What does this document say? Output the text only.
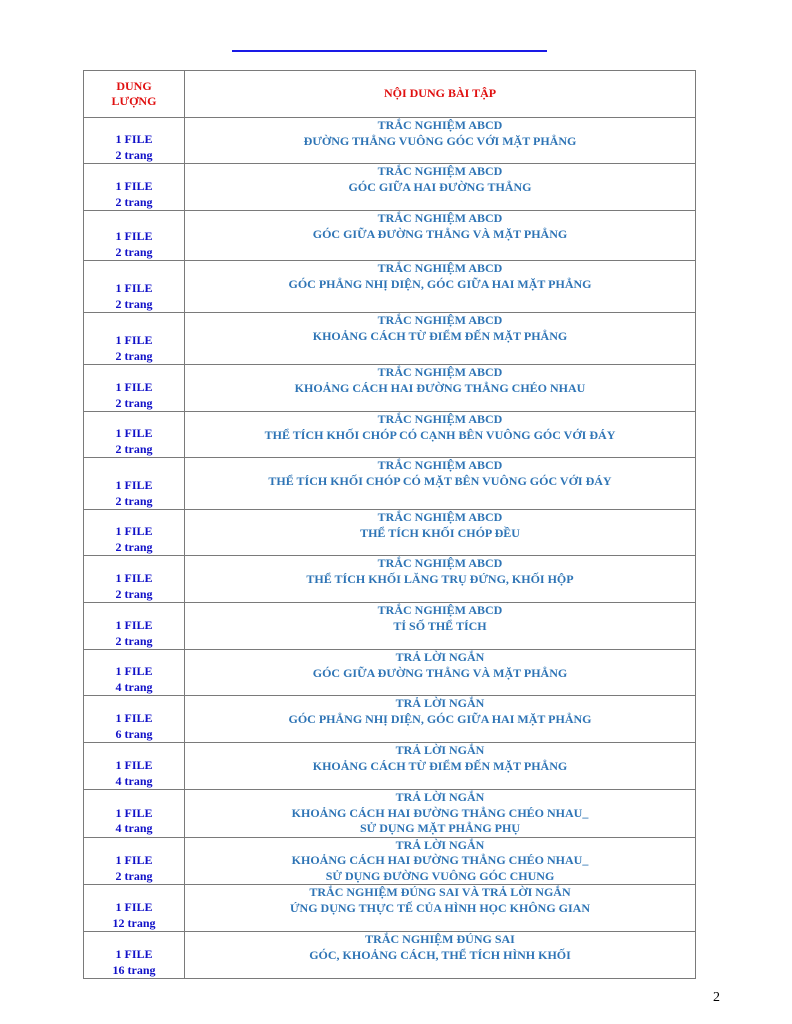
DUNG
LƯỢNG	NỘI DUNG BÀI TẬP

1 FILE
2 trang	TRẮC NGHIỆM ABCD
ĐƯỜNG THẲNG VUÔNG GÓC VỚI MẶT PHẲNG

1 FILE
2 trang	TRẮC NGHIỆM ABCD
GÓC GIỮA HAI ĐƯỜNG THẲNG

1 FILE
2 trang	TRẮC NGHIỆM ABCD
GÓC GIỮA ĐƯỜNG THẲNG VÀ MẶT PHẲNG

1 FILE
2 trang	TRẮC NGHIỆM ABCD
GÓC PHẲNG NHỊ DIỆN, GÓC GIỮA HAI MẶT PHẲNG

1 FILE
2 trang	TRẮC NGHIỆM ABCD
KHOẢNG CÁCH TỪ ĐIỂM ĐẾN MẶT PHẲNG

1 FILE
2 trang	TRẮC NGHIỆM ABCD
KHOẢNG CÁCH HAI ĐƯỜNG THẲNG CHÉO NHAU

1 FILE
2 trang	TRẮC NGHIỆM ABCD
THỂ TÍCH KHỐI CHÓP CÓ CẠNH BÊN VUÔNG GÓC VỚI ĐÁY

1 FILE
2 trang	TRẮC NGHIỆM ABCD
THỂ TÍCH KHỐI CHÓP CÓ MẶT BÊN VUÔNG GÓC VỚI ĐÁY

1 FILE
2 trang	TRẮC NGHIỆM ABCD
THỂ TÍCH KHỐI CHÓP ĐỀU

1 FILE
2 trang	TRẮC NGHIỆM ABCD
THỂ TÍCH KHỐI LĂNG TRỤ ĐỨNG, KHỐI HỘP

1 FILE
2 trang	TRẮC NGHIỆM ABCD
TỈ SỐ THỂ TÍCH

1 FILE
4 trang	TRẢ LỜI NGẮN
GÓC GIỮA ĐƯỜNG THẲNG VÀ MẶT PHẲNG

1 FILE
6 trang	TRẢ LỜI NGẮN
GÓC PHẲNG NHỊ DIỆN, GÓC GIỮA HAI MẶT PHẲNG

1 FILE
4 trang	TRẢ LỜI NGẮN
KHOẢNG CÁCH TỪ ĐIỂM ĐẾN MẶT PHẲNG

1 FILE
4 trang	TRẢ LỜI NGẮN
KHOẢNG CÁCH HAI ĐƯỜNG THẲNG CHÉO NHAU_
SỬ DỤNG MẶT PHẲNG PHỤ

1 FILE
2 trang	TRẢ LỜI NGẮN
KHOẢNG CÁCH HAI ĐƯỜNG THẲNG CHÉO NHAU_
SỬ DỤNG ĐƯỜNG VUÔNG GÓC CHUNG

1 FILE
12 trang	TRẮC NGHIỆM ĐÚNG SAI VÀ TRẢ LỜI NGẮN
ỨNG DỤNG THỰC TẾ CỦA HÌNH HỌC KHÔNG GIAN

1 FILE
16 trang	TRẮC NGHIỆM ĐÚNG SAI
GÓC, KHOẢNG CÁCH, THỂ TÍCH HÌNH KHỐI
2
